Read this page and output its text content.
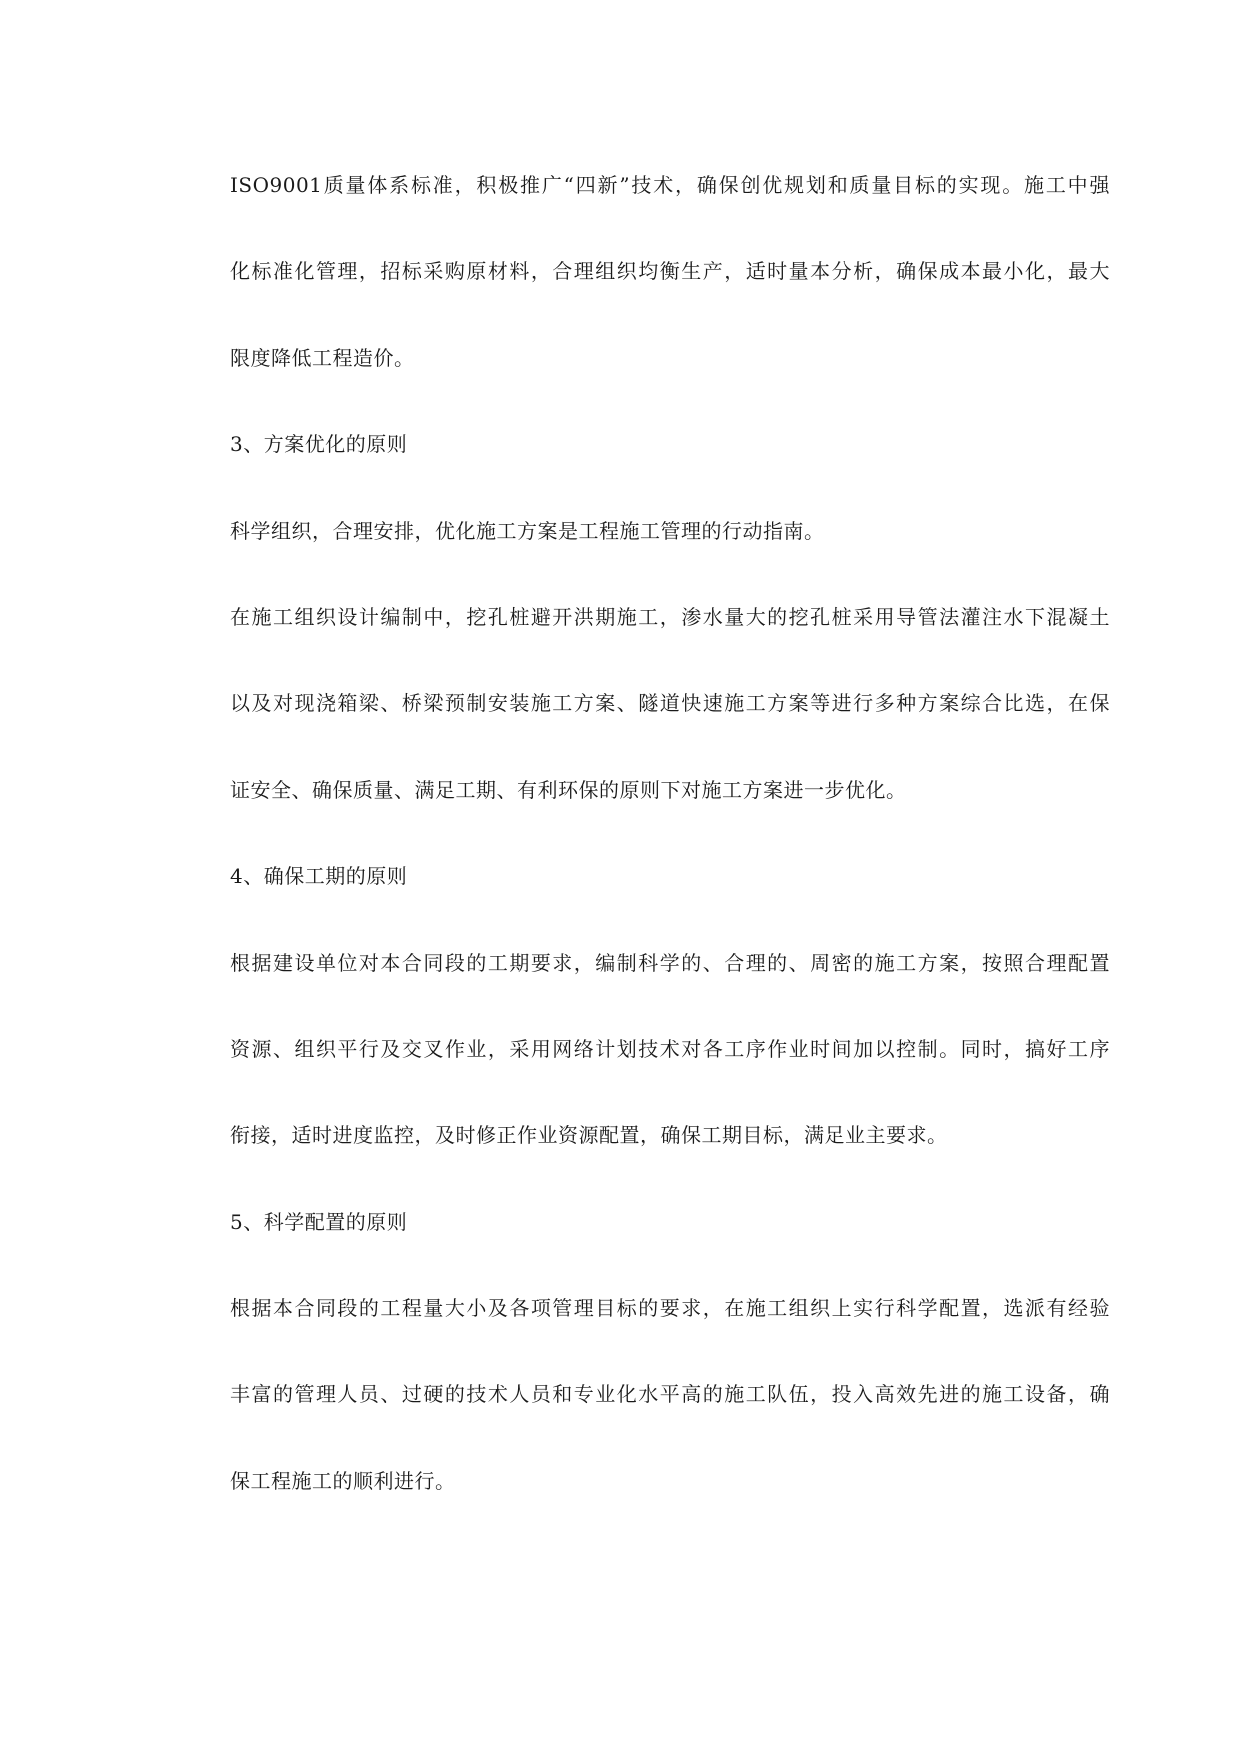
ISO9001质量体系标准，积极推广“四新”技术，确保创优规划和质量目标的实现。施工中强
化标准化管理，招标采购原材料，合理组织均衡生产，适时量本分析，确保成本最小化，最大
限度降低工程造价。
3、方案优化的原则
科学组织，合理安排，优化施工方案是工程施工管理的行动指南。
在施工组织设计编制中，挖孔桩避开洪期施工，渗水量大的挖孔桩采用导管法灌注水下混凝土
以及对现浇箱梁、桥梁预制安装施工方案、隧道快速施工方案等进行多种方案综合比选，在保
证安全、确保质量、满足工期、有利环保的原则下对施工方案进一步优化。
4、确保工期的原则
根据建设单位对本合同段的工期要求，编制科学的、合理的、周密的施工方案，按照合理配置
资源、组织平行及交叉作业，采用网络计划技术对各工序作业时间加以控制。同时，搞好工序
衔接，适时进度监控，及时修正作业资源配置，确保工期目标，满足业主要求。
5、科学配置的原则
根据本合同段的工程量大小及各项管理目标的要求，在施工组织上实行科学配置，选派有经验
丰富的管理人员、过硬的技术人员和专业化水平高的施工队伍，投入高效先进的施工设备，确
保工程施工的顺利进行。
